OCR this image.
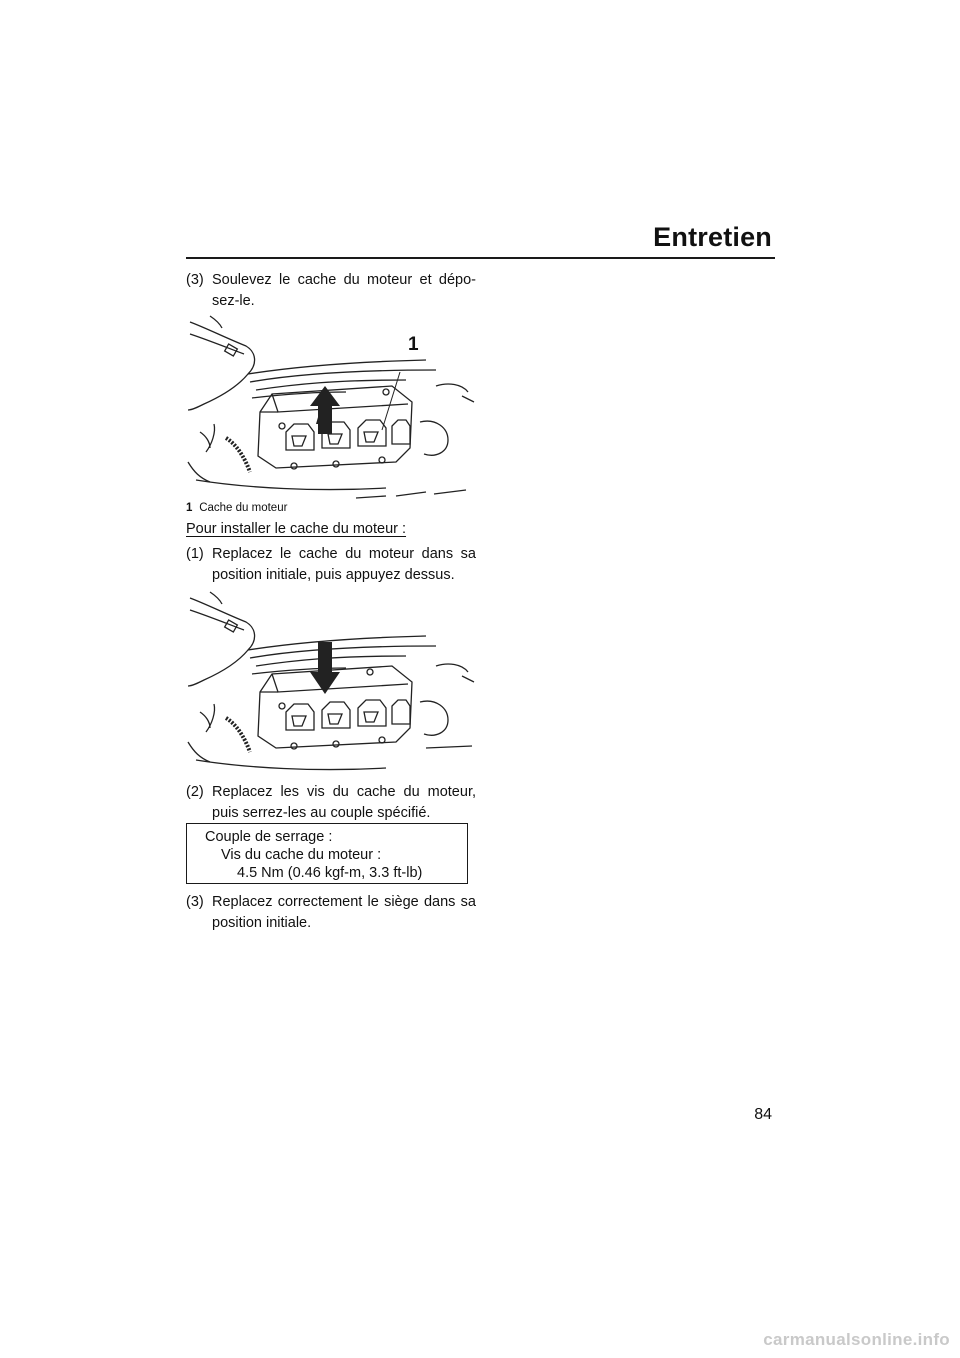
Entretien
(3) Soulevez le cache du moteur et dépo-
sez-le.
1
1 Cache du moteur
Pour installer le cache du moteur :
(1) Replacez le cache du moteur dans sa
position initiale, puis appuyez dessus.
(2) Replacez les vis du cache du moteur,
puis serrez-les au couple spécifié.
Couple de serrage :
Vis du cache du moteur :
4.5 Nm (0.46 kgf-m, 3.3 ft-lb)
(3) Replacez correctement le siège dans sa
position initiale.
84
carmanualsonline.info
